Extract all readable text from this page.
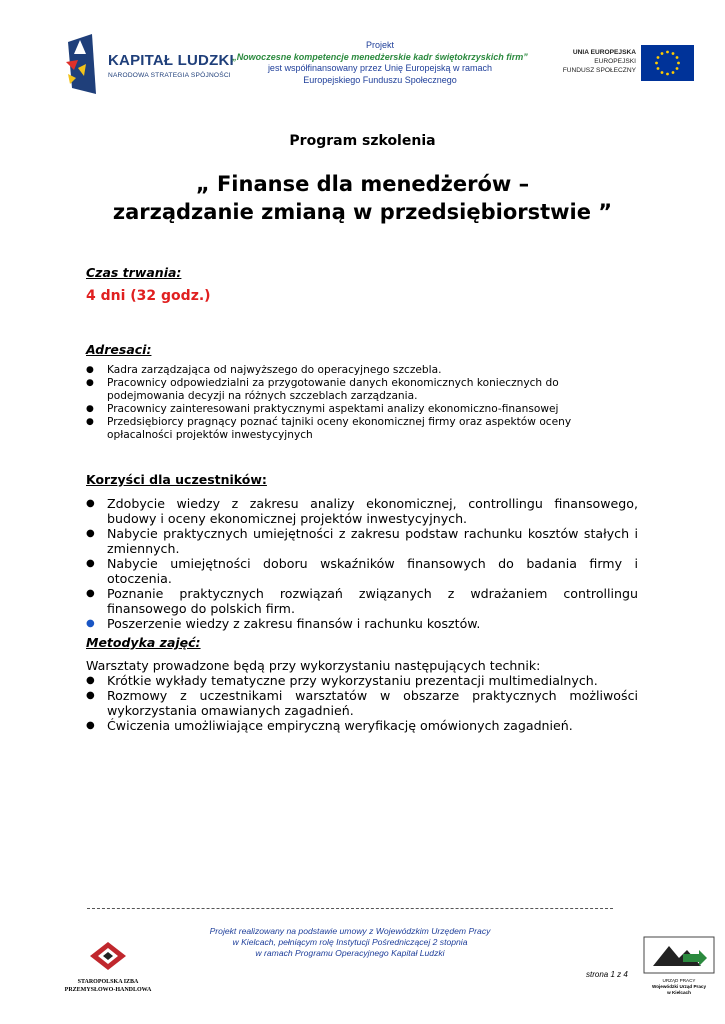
KAPITAŁ LUDZKI
NARODOWA STRATEGIA SPÓJNOŚCI
Projekt
„Nowoczesne kompetencje menedżerskie kadr świętokrzyskich firm”
jest współfinansowany przez Unię Europejską w ramach
Europejskiego Funduszu Społecznego
UNIA EUROPEJSKA
EUROPEJSKI
FUNDUSZ SPOŁECZNY
Program szkolenia
„ Finanse dla menedżerów –
zarządzanie zmianą w przedsiębiorstwie ”
Czas trwania:
4 dni (32 godz.)
Adresaci:
● Kadra zarządzająca od najwyższego do operacyjnego szczebla.
● Pracownicy odpowiedzialni za przygotowanie danych ekonomicznych koniecznych do podejmowania decyzji na różnych szczeblach zarządzania.
● Pracownicy zainteresowani praktycznymi aspektami analizy ekonomiczno-finansowej
● Przedsiębiorcy pragnący poznać tajniki oceny ekonomicznej firmy oraz aspektów oceny opłacalności projektów inwestycyjnych
Korzyści dla uczestników:
● Zdobycie wiedzy z zakresu analizy ekonomicznej, controllingu finansowego, budowy i oceny ekonomicznej projektów inwestycyjnych.
● Nabycie praktycznych umiejętności z zakresu podstaw rachunku kosztów stałych i zmiennych.
● Nabycie umiejętności doboru wskaźników finansowych do badania firmy i otoczenia.
● Poznanie praktycznych rozwiązań związanych z wdrażaniem controllingu finansowego do polskich firm.
● Poszerzenie wiedzy z zakresu finansów i rachunku kosztów.
Metodyka zajęć:
Warsztaty prowadzone będą przy wykorzystaniu następujących technik:
● Krótkie wykłady tematyczne przy wykorzystaniu prezentacji multimedialnych.
● Rozmowy z uczestnikami warsztatów w obszarze praktycznych możliwości wykorzystania omawianych zagadnień.
● Ćwiczenia umożliwiające empiryczną weryfikację omówionych zagadnień.
Projekt realizowany na podstawie umowy z Wojewódzkim Urzędem Pracy
w Kielcach, pełniącym rolę Instytucji Pośredniczącej 2 stopnia
w ramach Programu Operacyjnego Kapitał Ludzki
STAROPOLSKA IZBA
PRZEMYSŁOWO-HANDLOWA
strona 1 z 4
URZĄD PRACY
Wojewódzki Urząd Pracy
w Kielcach
